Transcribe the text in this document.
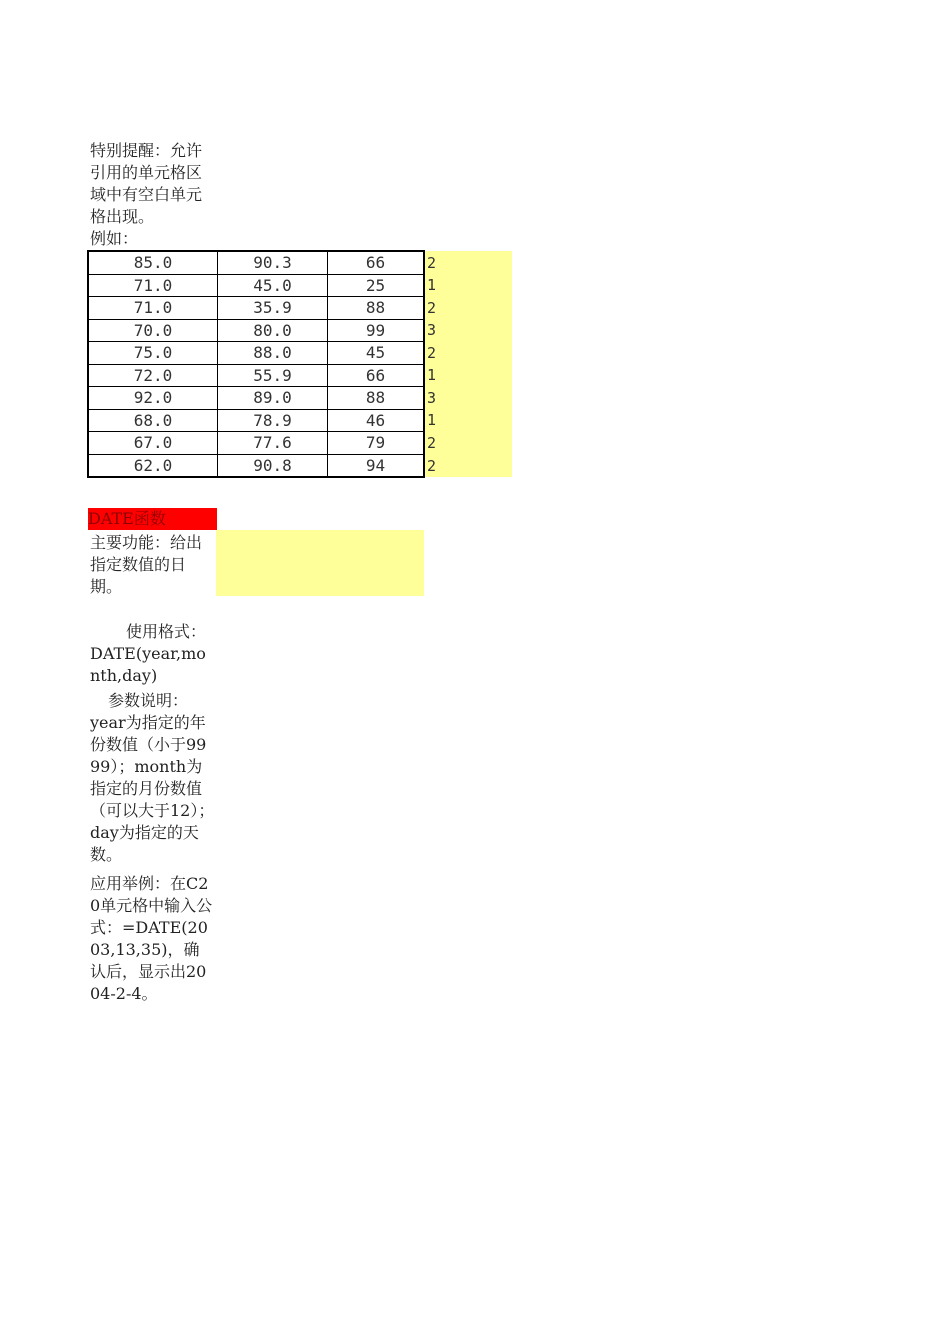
特别提醒：允许引用的单元格区域中有空白单元格出现。
例如：
85.0	90.3	66	2
71.0	45.0	25	1
71.0	35.9	88	2
70.0	80.0	99	3
75.0	88.0	45	2
72.0	55.9	66	1
92.0	89.0	88	3
68.0	78.9	46	1
67.0	77.6	79	2
62.0	90.8	94	2
DATE函数
主要功能：给出指定数值的日期。
使用格式：
DATE(year,month,day)
参数说明：
year为指定的年份数值（小于9999）；month为指定的月份数值（可以大于12）；day为指定的天数。
应用举例：在C20单元格中输入公式：=DATE(2003,13,35)，确认后，显示出2004-2-4。
